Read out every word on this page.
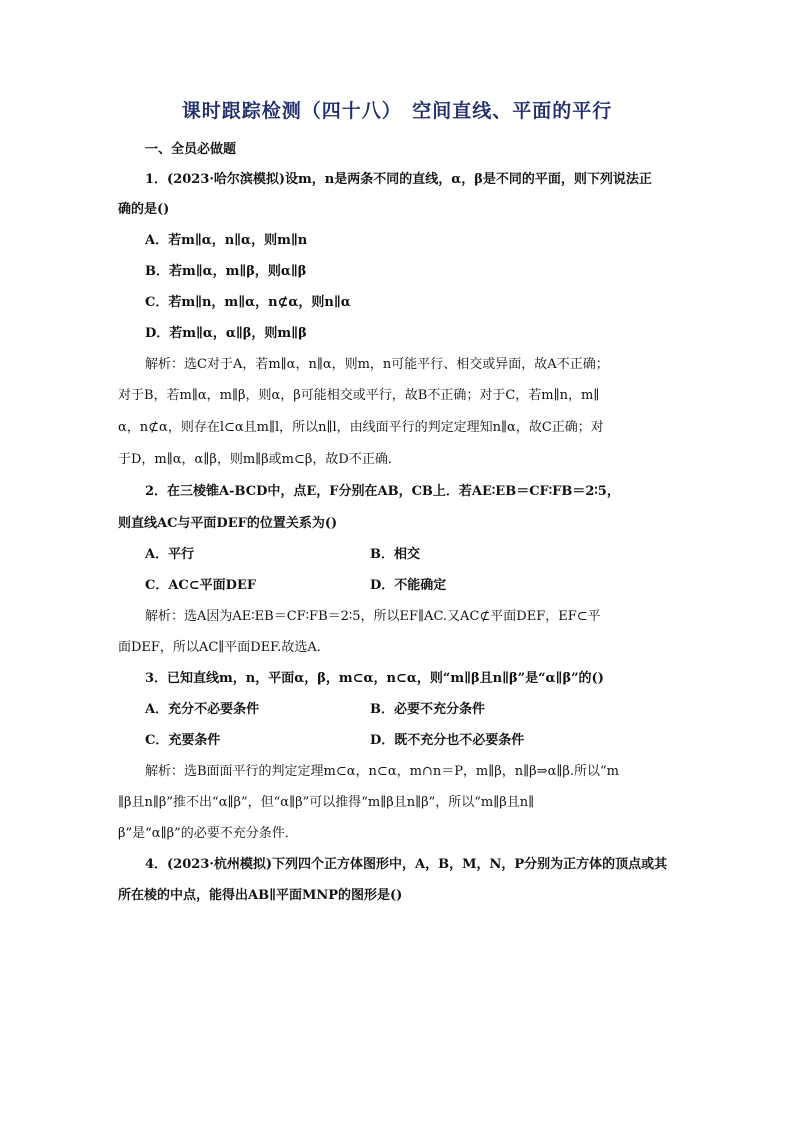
课时跟踪检测（四十八）　空间直线、平面的平行
一、全员必做题
1．(2023·哈尔滨模拟)设m，n是两条不同的直线，α，β是不同的平面，则下列说法正
确的是()
A．若m∥α，n∥α，则m∥n
B．若m∥α，m∥β，则α∥β
C．若m∥n，m∥α，n⊄α，则n∥α
D．若m∥α，α∥β，则m∥β
解析：选C对于A，若m∥α，n∥α，则m，n可能平行、相交或异面，故A不正确；
对于B，若m∥α，m∥β，则α，β可能相交或平行，故B不正确；对于C，若m∥n，m∥
α，n⊄α，则存在l⊂α且m∥l，所以n∥l，由线面平行的判定定理知n∥α，故C正确；对
于D，m∥α，α∥β，则m∥β或m⊂β，故D不正确．
2．在三棱锥A-BCD中，点E，F分别在AB，CB上．若AE∶EB＝CF∶FB＝2∶5，
则直线AC与平面DEF的位置关系为()
A．平行	B．相交
C．AC⊂平面DEF	D．不能确定
解析：选A因为AE∶EB＝CF∶FB＝2∶5，所以EF∥AC.又AC⊄平面DEF，EF⊂平
面DEF，所以AC∥平面DEF.故选A.
3．已知直线m，n，平面α，β，m⊂α，n⊂α，则“m∥β且n∥β”是“α∥β”的()
A．充分不必要条件	B．必要不充分条件
C．充要条件	D．既不充分也不必要条件
解析：选B面面平行的判定定理m⊂α，n⊂α，m∩n＝P，m∥β，n∥β⇒α∥β.所以“m
∥β且n∥β”推不出“α∥β”，但“α∥β”可以推得“m∥β且n∥β”，所以“m∥β且n∥
β”是“α∥β”的必要不充分条件．
4．(2023·杭州模拟)下列四个正方体图形中，A，B，M，N，P分别为正方体的顶点或其
所在棱的中点，能得出AB∥平面MNP的图形是()
